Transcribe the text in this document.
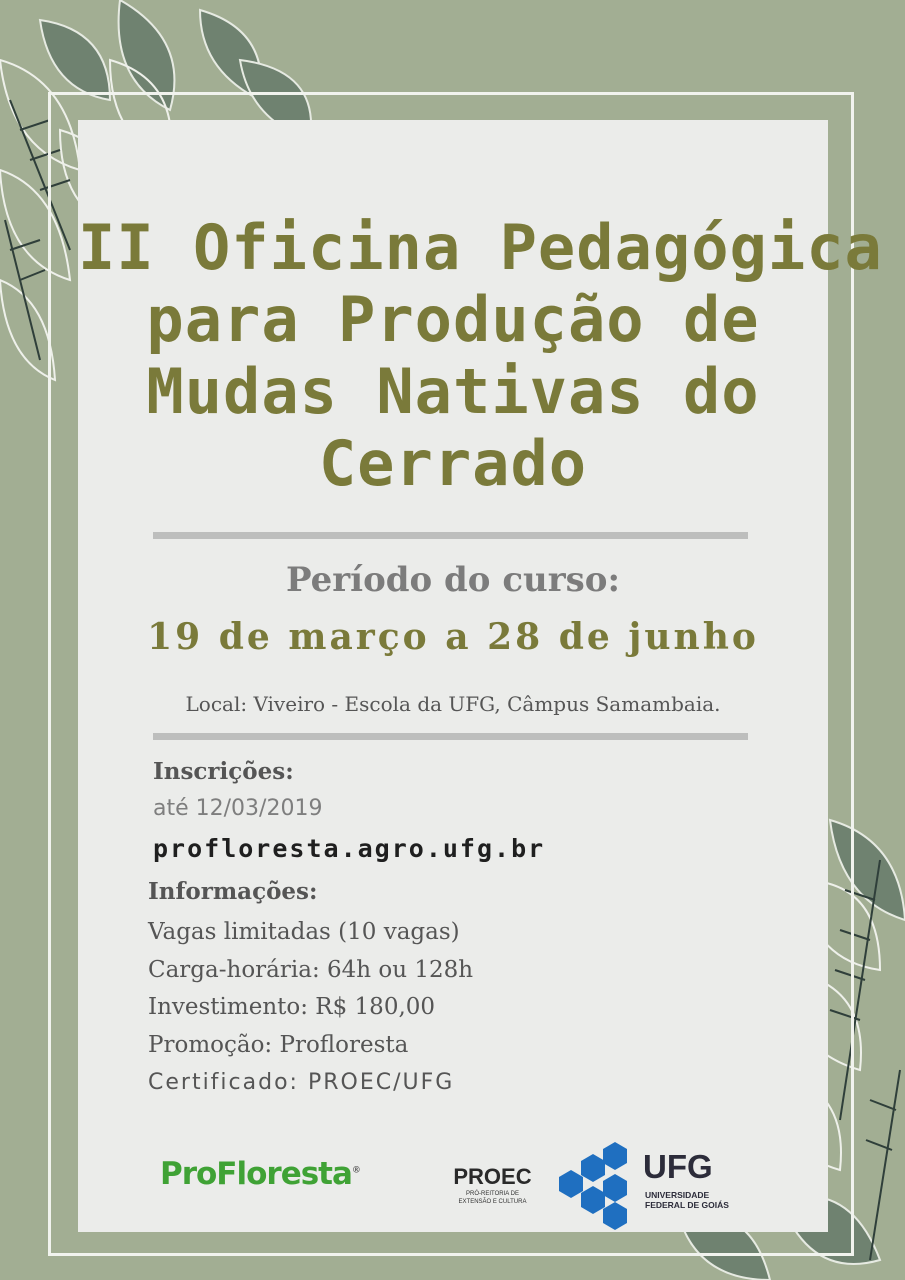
II Oficina Pedagógica
para Produção de
Mudas Nativas do
Cerrado
Período do curso:
19 de março a 28 de junho
Local: Viveiro - Escola da UFG, Câmpus Samambaia.
Inscrições:
até 12/03/2019
profloresta.agro.ufg.br
Informações:
Vagas limitadas (10 vagas)
Carga-horária: 64h ou 128h
Investimento: R$ 180,00
Promoção: Profloresta
Certificado: PROEC/UFG
ProFloresta®	PROEC
PRÓ-REITORIA DE
EXTENSÃO E CULTURA
UFG
UNIVERSIDADE
FEDERAL DE GOIÁS
